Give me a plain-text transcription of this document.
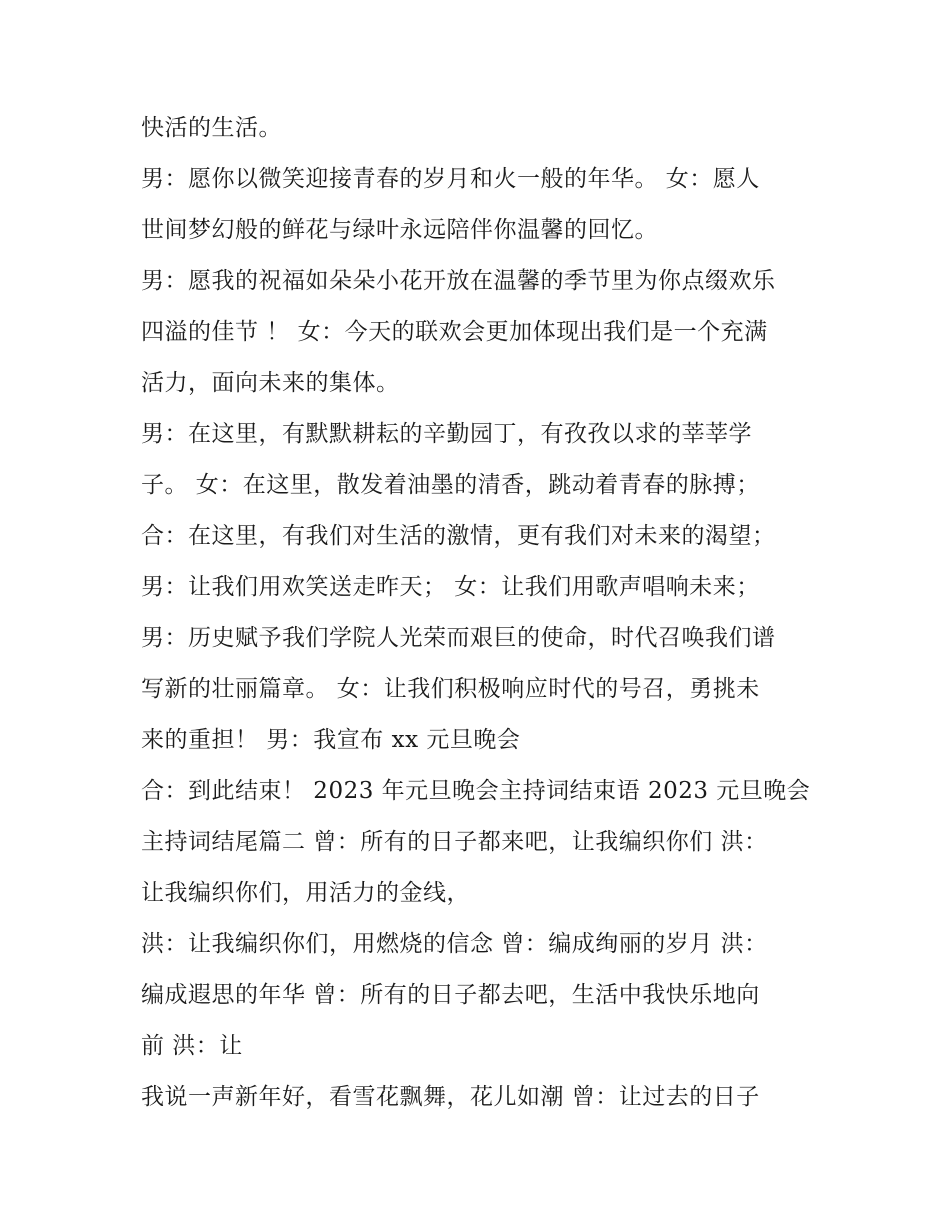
快活的生活。
男：愿你以微笑迎接青春的岁月和火一般的年华。 女：愿人
世间梦幻般的鲜花与绿叶永远陪伴你温馨的回忆。
男：愿我的祝福如朵朵小花开放在温馨的季节里为你点缀欢乐
四溢的佳节 ！ 女：今天的联欢会更加体现出我们是一个充满
活力，面向未来的集体。
男：在这里，有默默耕耘的辛勤园丁，有孜孜以求的莘莘学
子。 女：在这里，散发着油墨的清香，跳动着青春的脉搏；
合：在这里，有我们对生活的激情，更有我们对未来的渴望；
男：让我们用欢笑送走昨天； 女：让我们用歌声唱响未来；
男：历史赋予我们学院人光荣而艰巨的使命，时代召唤我们谱
写新的壮丽篇章。 女：让我们积极响应时代的号召，勇挑未
来的重担！ 男：我宣布 xx 元旦晚会
合：到此结束！ 2023 年元旦晚会主持词结束语 2023 元旦晚会
主持词结尾篇二 曾：所有的日子都来吧，让我编织你们 洪：
让我编织你们，用活力的金线，
洪：让我编织你们，用燃烧的信念 曾：编成绚丽的岁月 洪：
编成遐思的年华 曾：所有的日子都去吧，生活中我快乐地向
前 洪：让
我说一声新年好，看雪花飘舞，花儿如潮 曾：让过去的日子
